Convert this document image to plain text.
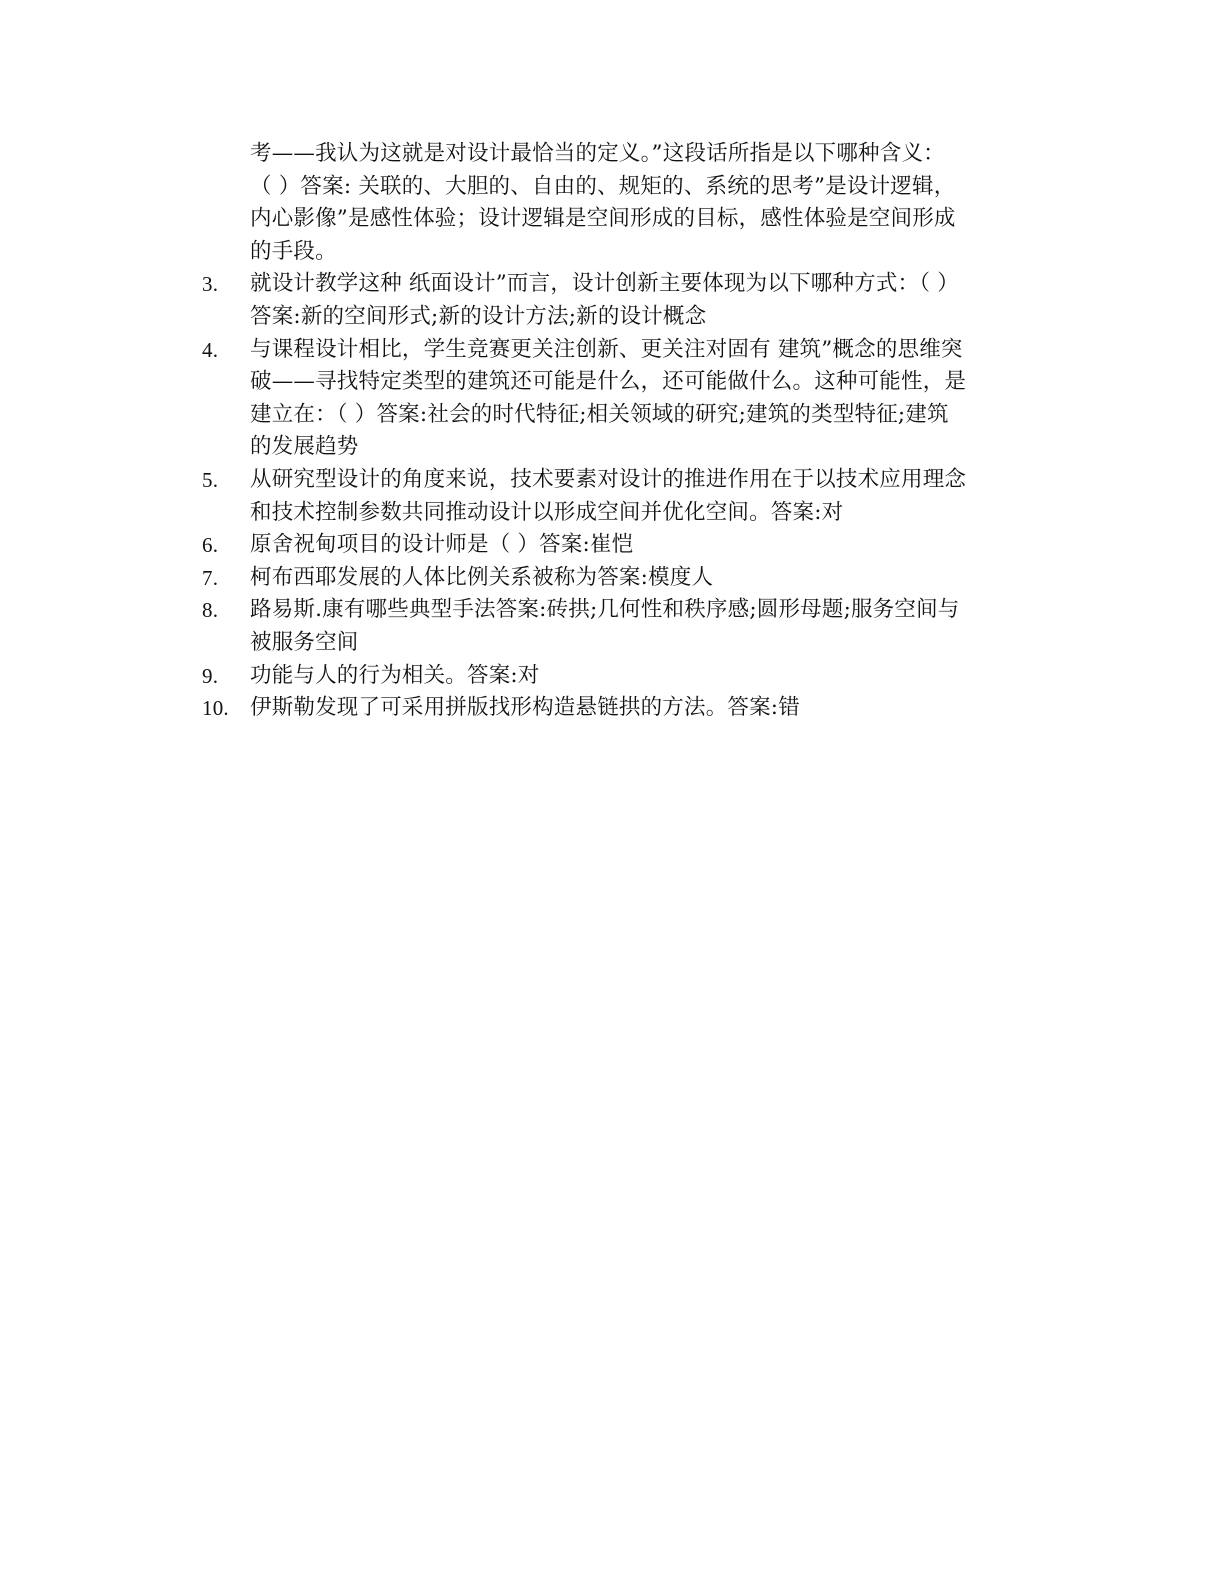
考——我认为这就是对设计最恰当的定义。”这段话所指是以下哪种含义：
（ ）答案: 关联的、大胆的、自由的、规矩的、系统的思考”是设计逻辑，
内心影像”是感性体验；设计逻辑是空间形成的目标，感性体验是空间形成
的手段。

3. 就设计教学这种 纸面设计”而言，设计创新主要体现为以下哪种方式：（ ）
答案:新的空间形式;新的设计方法;新的设计概念
4. 与课程设计相比，学生竞赛更关注创新、更关注对固有 建筑”概念的思维突
破——寻找特定类型的建筑还可能是什么，还可能做什么。这种可能性，是
建立在：（ ）答案:社会的时代特征;相关领域的研究;建筑的类型特征;建筑
的发展趋势
5. 从研究型设计的角度来说，技术要素对设计的推进作用在于以技术应用理念
和技术控制参数共同推动设计以形成空间并优化空间。答案:对
6. 原舍祝甸项目的设计师是（ ）答案:崔恺
7. 柯布西耶发展的人体比例关系被称为答案:模度人
8. 路易斯.康有哪些典型手法答案:砖拱;几何性和秩序感;圆形母题;服务空间与
被服务空间
9. 功能与人的行为相关。答案:对
10. 伊斯勒发现了可采用拼版找形构造悬链拱的方法。答案:错
